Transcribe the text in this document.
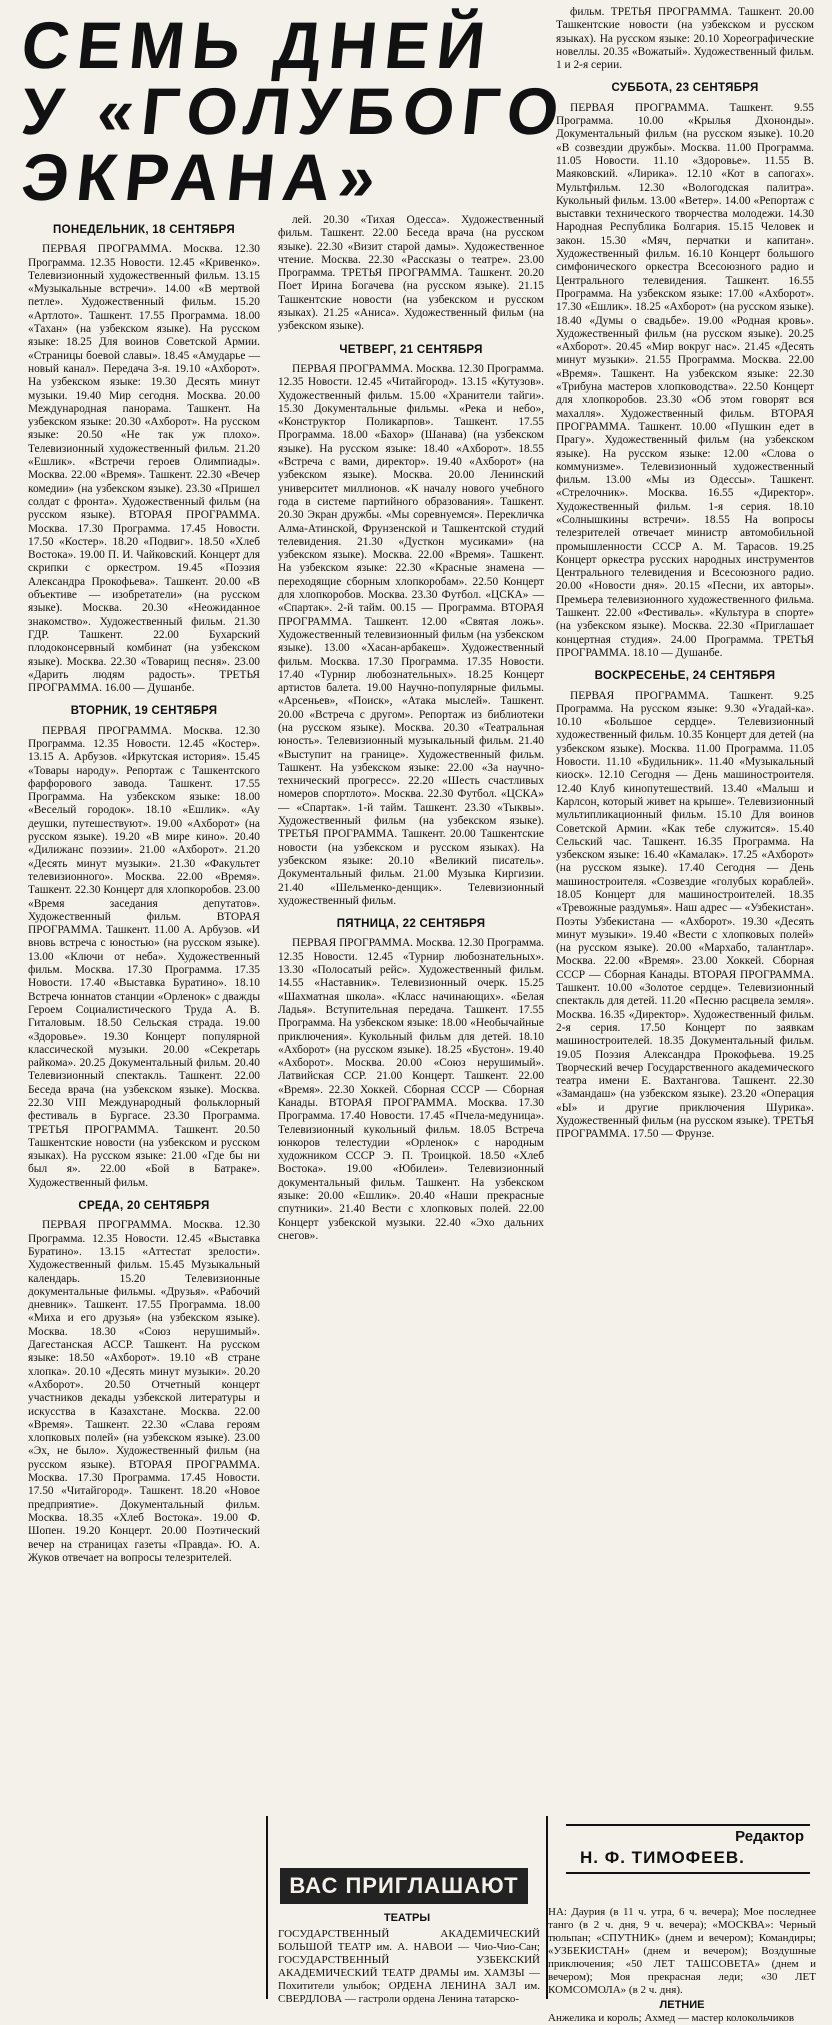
СЕМЬ ДНЕЙ
У «ГОЛУБОГО
ЭКРАНА»
ПОНЕДЕЛЬНИК, 18 СЕНТЯБРЯ
ПЕРВАЯ ПРОГРАММА. Москва. 12.30 Программа. 12.35 Новости. 12.45 «Кривенко». Телевизионный художественный фильм. 13.15 «Музыкальные встречи». 14.00 «В мертвой петле». Художественный фильм. 15.20 «Артлото». Ташкент. 17.55 Программа. 18.00 «Тахан» (на узбекском языке). На русском языке: 18.25 Для воинов Советской Армии. «Страницы боевой славы». 18.45 «Амударье — новый канал». Передача 3-я. 19.10 «Ахборот». На узбекском языке: 19.30 Десять минут музыки. 19.40 Мир сегодня. Москва. 20.00 Международная панорама. Ташкент. На узбекском языке: 20.30 «Ахборот». На русском языке: 20.50 «Не так уж плохо». Телевизионный художественный фильм. 21.20 «Ешлик». «Встречи героев Олимпиады». Москва. 22.00 «Время». Ташкент. 22.30 «Вечер комедии» (на узбекском языке). 23.30 «Пришел солдат с фронта». Художественный фильм (на русском языке). ВТОРАЯ ПРОГРАММА. Москва. 17.30 Программа. 17.45 Новости. 17.50 «Костер». 18.20 «Подвиг». 18.50 «Хлеб Востока». 19.00 П. И. Чайковский. Концерт для скрипки с оркестром. 19.45 «Поэзия Александра Прокофьева». Ташкент. 20.00 «В объективе — изобретатели» (на русском языке). Москва. 20.30 «Неожиданное знакомство». Художественный фильм. 21.30 ГДР. Ташкент. 22.00 Бухарский плодоконсервный комбинат (на узбекском языке). Москва. 22.30 «Товарищ песня». 23.00 «Дарить людям радость». ТРЕТЬЯ ПРОГРАММА. 16.00 — Душанбе.
ВТОРНИК, 19 СЕНТЯБРЯ
ПЕРВАЯ ПРОГРАММА. Москва. 12.30 Программа. 12.35 Новости. 12.45 «Костер». 13.15 А. Арбузов. «Иркутская история». 15.45 «Товары народу». Репортаж с Ташкентского фарфорового завода. Ташкент. 17.55 Программа. На узбекском языке: 18.00 «Веселый городок». 18.10 «Ешлик». «Ау деушки, путешествуют». 19.00 «Ахборот» (на русском языке). 19.20 «В мире кино». 20.40 «Дилижанс поэзии». 21.00 «Ахборот». 21.20 «Десять минут музыки». 21.30 «Факультет телевизионного». Москва. 22.00 «Время». Ташкент. 22.30 Концерт для хлопкоробов. 23.00 «Время заседания депутатов». Художественный фильм. ВТОРАЯ ПРОГРАММА. Ташкент. 11.00 А. Арбузов. «И вновь встреча с юностью» (на русском языке). 13.00 «Ключи от неба». Художественный фильм. Москва. 17.30 Программа. 17.35 Новости. 17.40 «Выставка Буратино». 18.10 Встреча юннатов станции «Орленок» с дважды Героем Социалистического Труда А. В. Гиталовым. 18.50 Сельская страда. 19.00 «Здоровье». 19.30 Концерт популярной классической музыки. 20.00 «Секретарь райкома». 20.25 Документальный фильм. 20.40 Телевизионный спектакль. Ташкент. 22.00 Беседа врача (на узбекском языке). Москва. 22.30 VIII Международный фольклорный фестиваль в Бургасе. 23.30 Программа. ТРЕТЬЯ ПРОГРАММА. Ташкент. 20.50 Ташкентские новости (на узбекском и русском языках). На русском языке: 21.00 «Где бы ни был я». 22.00 «Бой в Батраке». Художественный фильм.
СРЕДА, 20 СЕНТЯБРЯ
ПЕРВАЯ ПРОГРАММА. Москва. 12.30 Программа. 12.35 Новости. 12.45 «Выставка Буратино». 13.15 «Аттестат зрелости». Художественный фильм. 15.45 Музыкальный календарь. 15.20 Телевизионные документальные фильмы. «Друзья». «Рабочий дневник». Ташкент. 17.55 Программа. 18.00 «Миха и его друзья» (на узбекском языке). Москва. 18.30 «Союз нерушимый». Дагестанская АССР. Ташкент. На русском языке: 18.50 «Ахборот». 19.10 «В стране хлопка». 20.10 «Десять минут музыки». 20.20 «Ахборот». 20.50 Отчетный концерт участников декады узбекской литературы и искусства в Казахстане. Москва. 22.00 «Время». Ташкент. 22.30 «Слава героям хлопковых полей» (на узбекском языке). 23.00 «Эх, не было». Художественный фильм (на русском языке). ВТОРАЯ ПРОГРАММА. Москва. 17.30 Программа. 17.45 Новости. 17.50 «Читайгород». Ташкент. 18.20 «Новое предприятие». Документальный фильм. Москва. 18.35 «Хлеб Востока». 19.00 Ф. Шопен. 19.20 Концерт. 20.00 Поэтический вечер на страницах газеты «Правда». Ю. А. Жуков отвечает на вопросы телезрителей.
лей. 20.30 «Тихая Одесса». Художественный фильм. Ташкент. 22.00 Беседа врача (на русском языке). 22.30 «Визит старой дамы». Художественное чтение. Москва. 22.30 «Рассказы о театре». 23.00 Программа. ТРЕТЬЯ ПРОГРАММА. Ташкент. 20.20 Поет Ирина Богачева (на русском языке). 21.15 Ташкентские новости (на узбекском и русском языках). 21.25 «Аниса». Художественный фильм (на узбекском языке).
ЧЕТВЕРГ, 21 СЕНТЯБРЯ
ПЕРВАЯ ПРОГРАММА. Москва. 12.30 Программа. 12.35 Новости. 12.45 «Читайгород». 13.15 «Кутузов». Художественный фильм. 15.00 «Хранители тайги». 15.30 Документальные фильмы. «Река и небо», «Конструктор Поликарпов». Ташкент. 17.55 Программа. 18.00 «Бахор» (Шанава) (на узбекском языке). На русском языке: 18.40 «Ахборот». 18.55 «Встреча с вами, директор». 19.40 «Ахборот» (на узбекском языке). Москва. 20.00 Ленинский университет миллионов. «К началу нового учебного года в системе партийного образования». Ташкент. 20.30 Экран дружбы. «Мы соревнуемся». Перекличка Алма-Атинской, Фрунзенской и Ташкентской студий телевидения. 21.30 «Дусткон мусиками» (на узбекском языке). Москва. 22.00 «Время». Ташкент. На узбекском языке: 22.30 «Красные знамена — переходящие сборным хлопкоробам». 22.50 Концерт для хлопкоробов. Москва. 23.30 Футбол. «ЦСКА» — «Спартак». 2-й тайм. 00.15 — Программа. ВТОРАЯ ПРОГРАММА. Ташкент. 12.00 «Святая ложь». Художественный телевизионный фильм (на узбекском языке). 13.00 «Хасан-арбакеш». Художественный фильм. Москва. 17.30 Программа. 17.35 Новости. 17.40 «Турнир любознательных». 18.25 Концерт артистов балета. 19.00 Научно-популярные фильмы. «Арсеньев», «Поиск», «Атака мыслей». Ташкент. 20.00 «Встреча с другом». Репортаж из библиотеки (на русском языке). Москва. 20.30 «Театральная юность». Телевизионный музыкальный фильм. 21.40 «Выступит на границе». Художественный фильм. Ташкент. На узбекском языке: 22.00 «За научно-технический прогресс». 22.20 «Шесть счастливых номеров спортлото». Москва. 22.30 Футбол. «ЦСКА» — «Спартак». 1-й тайм. Ташкент. 23.30 «Тыквы». Художественный фильм (на узбекском языке). ТРЕТЬЯ ПРОГРАММА. Ташкент. 20.00 Ташкентские новости (на узбекском и русском языках). На узбекском языке: 20.10 «Великий писатель». Документальный фильм. 21.00 Музыка Киргизии. 21.40 «Шельменко-денщик». Телевизионный художественный фильм.
ПЯТНИЦА, 22 СЕНТЯБРЯ
ПЕРВАЯ ПРОГРАММА. Москва. 12.30 Программа. 12.35 Новости. 12.45 «Турнир любознательных». 13.30 «Полосатый рейс». Художественный фильм. 14.55 «Наставник». Телевизионный очерк. 15.25 «Шахматная школа». «Класс начинающих». «Белая Ладья». Вступительная передача. Ташкент. 17.55 Программа. На узбекском языке: 18.00 «Необычайные приключения». Кукольный фильм для детей. 18.10 «Ахборот» (на русском языке). 18.25 «Бустон». 19.40 «Ахборот». Москва. 20.00 «Союз нерушимый». Латвийская ССР. 21.00 Концерт. Ташкент. 22.00 «Время». 22.30 Хоккей. Сборная СССР — Сборная Канады. ВТОРАЯ ПРОГРАММА. Москва. 17.30 Программа. 17.40 Новости. 17.45 «Пчела-медуница». Телевизионный кукольный фильм. 18.05 Встреча юнкоров телестудии «Орленок» с народным художником СССР Э. П. Троицкой. 18.50 «Хлеб Востока». 19.00 «Юбилеи». Телевизионный документальный фильм. Ташкент. На узбекском языке: 20.00 «Ешлик». 20.40 «Наши прекрасные спутники». 21.40 Вести с хлопковых полей. 22.00 Концерт узбекской музыки. 22.40 «Эхо дальних снегов».
фильм. ТРЕТЬЯ ПРОГРАММА. Ташкент. 20.00 Ташкентские новости (на узбекском и русском языках). На русском языке: 20.10 Хореографические новеллы. 20.35 «Вожатый». Художественный фильм. 1 и 2-я серии.
СУББОТА, 23 СЕНТЯБРЯ
ПЕРВАЯ ПРОГРАММА. Ташкент. 9.55 Программа. 10.00 «Крылья Дхононды». Документальный фильм (на русском языке). 10.20 «В созвездии дружбы». Москва. 11.00 Программа. 11.05 Новости. 11.10 «Здоровье». 11.55 В. Маяковский. «Лирика». 12.10 «Кот в сапогах». Мультфильм. 12.30 «Вологодская палитра». Кукольный фильм. 13.00 «Ветер». 14.00 «Репортаж с выставки технического творчества молодежи. 14.30 Народная Республика Болгария. 15.15 Человек и закон. 15.30 «Мяч, перчатки и капитан». Художественный фильм. 16.10 Концерт большого симфонического оркестра Всесоюзного радио и Центрального телевидения. Ташкент. 16.55 Программа. На узбекском языке: 17.00 «Ахборот». 17.30 «Ешлик». 18.25 «Ахборот» (на русском языке). 18.40 «Думы о свадьбе». 19.00 «Родная кровь». Художественный фильм (на русском языке). 20.25 «Ахборот». 20.45 «Мир вокруг нас». 21.45 «Десять минут музыки». 21.55 Программа. Москва. 22.00 «Время». Ташкент. На узбекском языке: 22.30 «Трибуна мастеров хлопководства». 22.50 Концерт для хлопкоробов. 23.30 «Об этом говорят вся махалля». Художественный фильм. ВТОРАЯ ПРОГРАММА. Ташкент. 10.00 «Пушкин едет в Прагу». Художественный фильм (на узбекском языке). На русском языке: 12.00 «Слова о коммунизме». Телевизионный художественный фильм. 13.00 «Мы из Одессы». Ташкент. «Стрелочник». Москва. 16.55 «Директор». Художественный фильм. 1-я серия. 18.10 «Солнышкины встречи». 18.55 На вопросы телезрителей отвечает министр автомобильной промышленности СССР А. М. Тарасов. 19.25 Концерт оркестра русских народных инструментов Центрального телевидения и Всесоюзного радио. 20.00 «Новости дня». 20.15 «Песни, их авторы». Премьера телевизионного художественного фильма. Ташкент. 22.00 «Фестиваль». «Культура в спорте» (на узбекском языке). Москва. 22.30 «Приглашает концертная студия». 24.00 Программа. ТРЕТЬЯ ПРОГРАММА. 18.10 — Душанбе.
ВОСКРЕСЕНЬЕ, 24 СЕНТЯБРЯ
ПЕРВАЯ ПРОГРАММА. Ташкент. 9.25 Программа. На русском языке: 9.30 «Угадай-ка». 10.10 «Большое сердце». Телевизионный художественный фильм. 10.35 Концерт для детей (на узбекском языке). Москва. 11.00 Программа. 11.05 Новости. 11.10 «Будильник». 11.40 «Музыкальный киоск». 12.10 Сегодня — День машиностроителя. 12.40 Клуб кинопутешествий. 13.40 «Малыш и Карлсон, который живет на крыше». Телевизионный мультипликационный фильм. 15.10 Для воинов Советской Армии. «Как тебе служится». 15.40 Сельский час. Ташкент. 16.35 Программа. На узбекском языке: 16.40 «Камалак». 17.25 «Ахборот» (на русском языке). 17.40 Сегодня — День машиностроителя. «Созвездие «голубых кораблей». 18.05 Концерт для машиностроителей. 18.35 «Тревожные раздумья». Наш адрес — «Узбекистан». Поэты Узбекистана — «Ахборот». 19.30 «Десять минут музыки». 19.40 «Вести с хлопковых полей» (на русском языке). 20.00 «Мархабо, талантлар». Москва. 22.00 «Время». 23.00 Хоккей. Сборная СССР — Сборная Канады. ВТОРАЯ ПРОГРАММА. Ташкент. 10.00 «Золотое сердце». Телевизионный спектакль для детей. 11.20 «Песню расцвела земля». Москва. 16.35 «Директор». Художественный фильм. 2-я серия. 17.50 Концерт по заявкам машиностроителей. 18.35 Документальный фильм. 19.05 Поэзия Александра Прокофьева. 19.25 Творческий вечер Государственного академического театра имени Е. Вахтангова. Ташкент. 22.30 «Замандаш» (на узбекском языке). 23.20 «Операция «Ы» и другие приключения Шурика». Художественный фильм (на русском языке). ТРЕТЬЯ ПРОГРАММА. 17.50 — Фрунзе.
Редактор
Н. Ф. ТИМОФЕЕВ.
ВАС ПРИГЛАШАЮТ
ТЕАТРЫ
ГОСУДАРСТВЕННЫЙ АКАДЕМИЧЕСКИЙ БОЛЬШОЙ ТЕАТР им. А. НАВОИ — Чио-Чио-Сан; ГОСУДАРСТВЕННЫЙ УЗБЕКСКИЙ АКАДЕМИЧЕСКИЙ ТЕАТР ДРАМЫ им. ХАМЗЫ — Похитители улыбок; ОРДЕНА ЛЕНИНА ЗАЛ им. СВЕРДЛОВА — гастроли ордена Ленина татарско-
НА: Даурия (в 11 ч. утра, 6 ч. вечера); Мое последнее танго (в 2 ч. дня, 9 ч. вечера); «МОСКВА»: Черный тюльпан; «СПУТНИК» (днем и вечером); Командиры; «УЗБЕКИСТАН» (днем и вечером); Воздушные приключения; «50 ЛЕТ ТАШСОВЕТА» (днем и вечером); Моя прекрасная леди; «30 ЛЕТ КОМСОМОЛА» (в 2 ч. дня).
ЛЕТНИЕ
Анжелика и король; Ахмед — мастер колокольчиков
